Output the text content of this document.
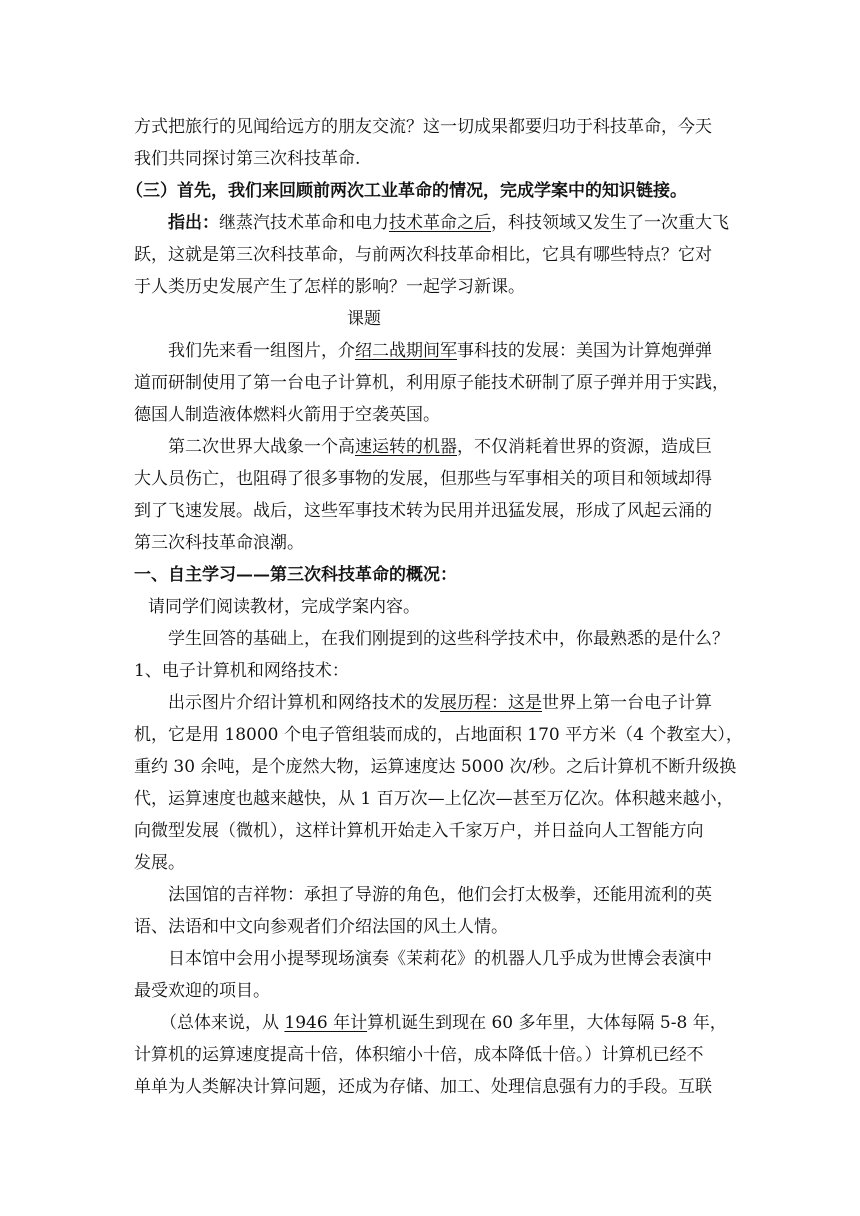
方式把旅行的见闻给远方的朋友交流？这一切成果都要归功于科技革命，今天
我们共同探讨第三次科技革命.
（三）首先，我们来回顾前两次工业革命的情况，完成学案中的知识链接。
指出：继蒸汽技术革命和电力技术革命之后，科技领域又发生了一次重大飞
跃，这就是第三次科技革命，与前两次科技革命相比，它具有哪些特点？它对
于人类历史发展产生了怎样的影响？一起学习新课。
课题
我们先来看一组图片，介绍二战期间军事科技的发展：美国为计算炮弹弹
道而研制使用了第一台电子计算机，利用原子能技术研制了原子弹并用于实践，
德国人制造液体燃料火箭用于空袭英国。
第二次世界大战象一个高速运转的机器，不仅消耗着世界的资源，造成巨
大人员伤亡，也阻碍了很多事物的发展，但那些与军事相关的项目和领域却得
到了飞速发展。战后，这些军事技术转为民用并迅猛发展，形成了风起云涌的
第三次科技革命浪潮。
一、自主学习——第三次科技革命的概况：
请同学们阅读教材，完成学案内容。
学生回答的基础上，在我们刚提到的这些科学技术中，你最熟悉的是什么？
1、电子计算机和网络技术：
出示图片介绍计算机和网络技术的发展历程：这是世界上第一台电子计算
机，它是用 18000 个电子管组装而成的，占地面积 170 平方米（4 个教室大），
重约 30 余吨，是个庞然大物，运算速度达 5000 次/秒。之后计算机不断升级换
代，运算速度也越来越快，从 1 百万次—上亿次—甚至万亿次。体积越来越小，
向微型发展（微机），这样计算机开始走入千家万户，并日益向人工智能方向
发展。
法国馆的吉祥物：承担了导游的角色，他们会打太极拳，还能用流利的英
语、法语和中文向参观者们介绍法国的风土人情。
日本馆中会用小提琴现场演奏《茉莉花》的机器人几乎成为世博会表演中
最受欢迎的项目。
（总体来说，从 1946 年计算机诞生到现在 60 多年里，大体每隔 5-8 年，
计算机的运算速度提高十倍，体积缩小十倍，成本降低十倍。）计算机已经不
单单为人类解决计算问题，还成为存储、加工、处理信息强有力的手段。互联
